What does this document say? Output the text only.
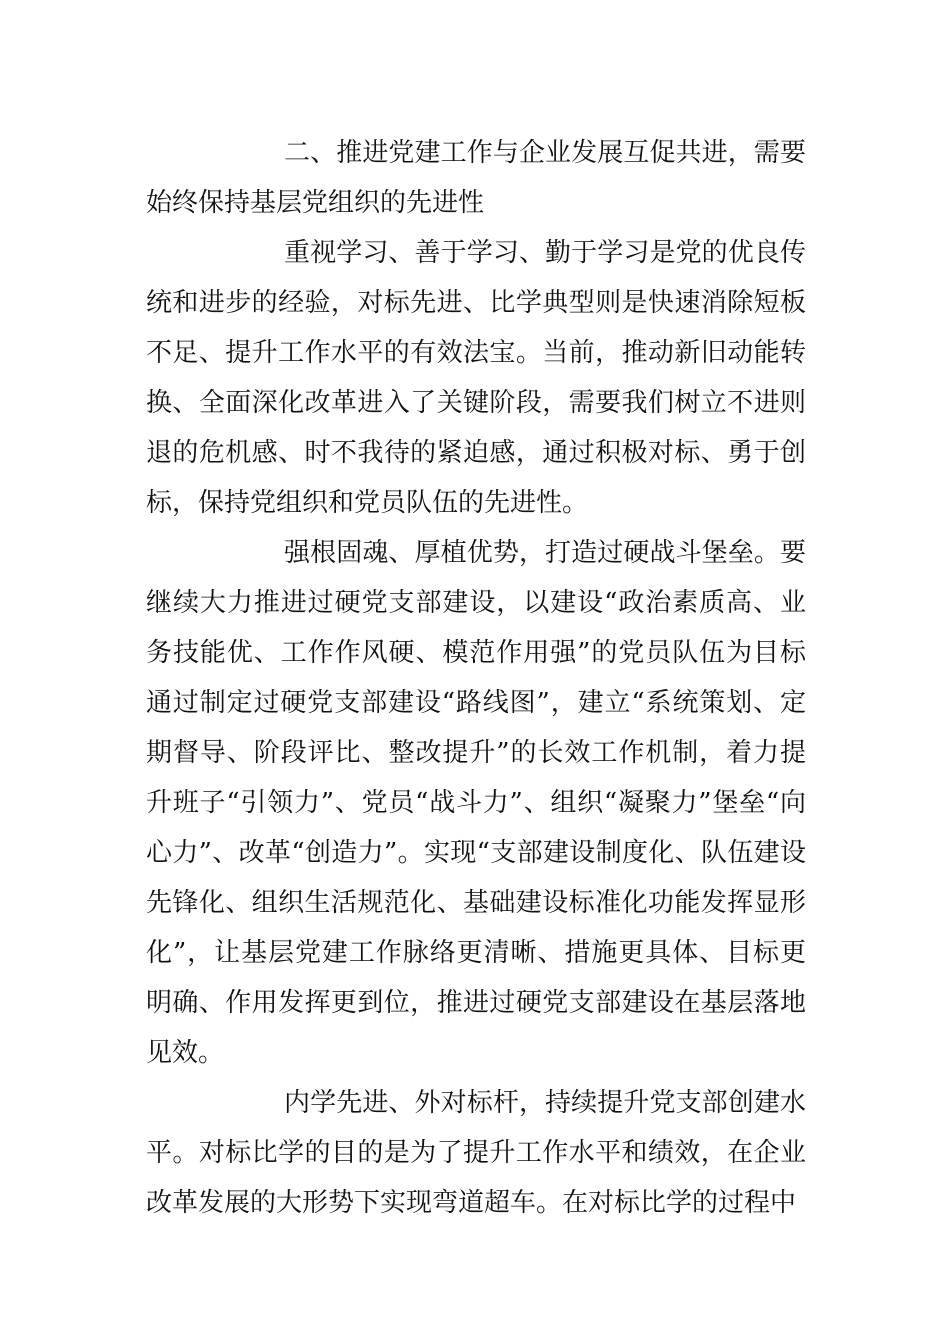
二、推进党建工作与企业发展互促共进，需要始终保持基层党组织的先进性

重视学习、善于学习、勤于学习是党的优良传统和进步的经验，对标先进、比学典型则是快速消除短板不足、提升工作水平的有效法宝。当前，推动新旧动能转换、全面深化改革进入了关键阶段，需要我们树立不进则退的危机感、时不我待的紧迫感，通过积极对标、勇于创标，保持党组织和党员队伍的先进性。

强根固魂、厚植优势，打造过硬战斗堡垒。要继续大力推进过硬党支部建设，以建设“政治素质高、业务技能优、工作作风硬、模范作用强”的党员队伍为目标通过制定过硬党支部建设“路线图”，建立“系统策划、定期督导、阶段评比、整改提升”的长效工作机制，着力提升班子“引领力”、党员“战斗力”、组织“凝聚力”堡垒“向心力”、改革“创造力”。实现“支部建设制度化、队伍建设先锋化、组织生活规范化、基础建设标准化功能发挥显形化”，让基层党建工作脉络更清晰、措施更具体、目标更明确、作用发挥更到位，推进过硬党支部建设在基层落地见效。

内学先进、外对标杆，持续提升党支部创建水平。对标比学的目的是为了提升工作水平和绩效，在企业改革发展的大形势下实现弯道超车。在对标比学的过程中
